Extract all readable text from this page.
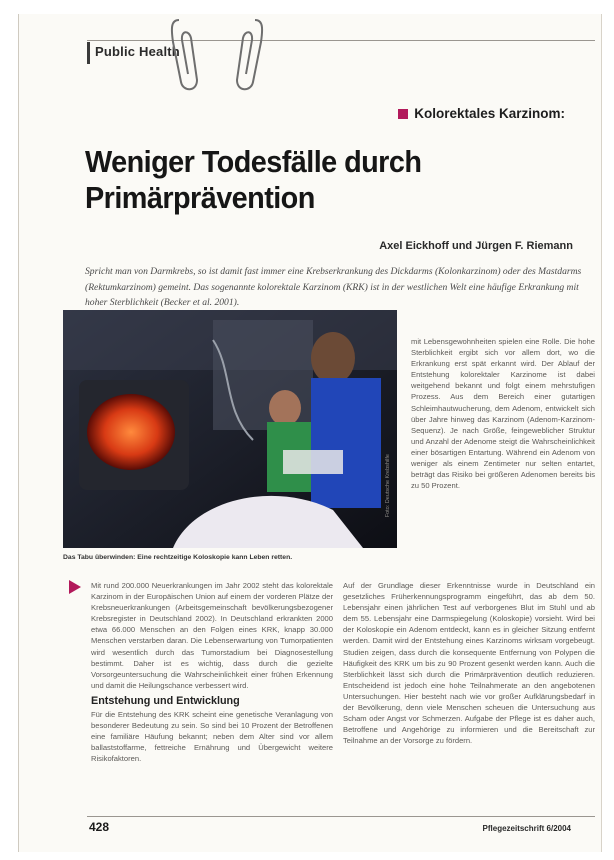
Public Health
Kolorektales Karzinom:
Weniger Todesfälle durch Primärprävention
Axel Eickhoff und Jürgen F. Riemann
Spricht man von Darmkrebs, so ist damit fast immer eine Krebserkrankung des Dickdarms (Kolonkarzinom) oder des Mastdarms (Rektumkarzinom) gemeint. Das sogenannte kolorektale Karzinom (KRK) ist in der westlichen Welt eine häufige Erkrankung mit hoher Sterblichkeit (Becker et al. 2001).
Foto: Deutsche Krebshilfe
Das Tabu überwinden: Eine rechtzeitige Koloskopie kann Leben retten.
mit Lebensgewohnheiten spielen eine Rolle. Die hohe Sterblichkeit ergibt sich vor allem dort, wo die Erkrankung erst spät erkannt wird. Der Ablauf der Entstehung kolorektaler Karzinome ist dabei weitgehend bekannt und folgt einem mehrstufigen Prozess. Aus dem Bereich einer gutartigen Schleimhautwucherung, dem Adenom, entwickelt sich über Jahre hinweg das Karzinom (Adenom-Karzinom-Sequenz). Je nach Größe, feingeweblicher Struktur und Anzahl der Adenome steigt die Wahrscheinlichkeit einer bösartigen Entartung. Während ein Adenom von weniger als einem Zentimeter nur selten entartet, beträgt das Risiko bei größeren Adenomen bereits bis zu 50 Prozent.
Mit rund 200.000 Neuerkrankungen im Jahr 2002 steht das kolorektale Karzinom in der Europäischen Union auf einem der vorderen Plätze der Krebsneuerkrankungen (Arbeitsgemeinschaft bevölkerungsbezogener Krebsregister in Deutschland 2002). In Deutschland erkrankten 2000 etwa 66.000 Menschen an den Folgen eines KRK, knapp 30.000 Menschen verstarben daran. Die Lebenserwartung von Tumorpatienten wird wesentlich durch das Tumorstadium bei Diagnosestellung bestimmt. Daher ist es wichtig, dass durch die gezielte Vorsorgeuntersuchung die Wahrscheinlichkeit einer frühen Erkennung und damit die Heilungschance verbessert wird.
Entstehung und Entwicklung
Für die Entstehung des KRK scheint eine genetische Veranlagung von besonderer Bedeutung zu sein. So sind bei 10 Prozent der Betroffenen eine familiäre Häufung bekannt; neben dem Alter sind vor allem ballaststoffarme, fettreiche Ernährung und Übergewicht weitere Risikofaktoren.
Auf der Grundlage dieser Erkenntnisse wurde in Deutschland ein gesetzliches Früherkennungsprogramm eingeführt, das ab dem 50. Lebensjahr einen jährlichen Test auf verborgenes Blut im Stuhl und ab dem 55. Lebensjahr eine Darmspiegelung (Koloskopie) vorsieht. Wird bei der Koloskopie ein Adenom entdeckt, kann es in gleicher Sitzung entfernt werden. Damit wird der Entstehung eines Karzinoms wirksam vorgebeugt. Studien zeigen, dass durch die konsequente Entfernung von Polypen die Häufigkeit des KRK um bis zu 90 Prozent gesenkt werden kann. Auch die Sterblichkeit lässt sich durch die Primärprävention deutlich reduzieren. Entscheidend ist jedoch eine hohe Teilnahmerate an den angebotenen Untersuchungen. Hier besteht nach wie vor großer Aufklärungsbedarf in der Bevölkerung, denn viele Menschen scheuen die Untersuchung aus Scham oder Angst vor Schmerzen. Aufgabe der Pflege ist es daher auch, Betroffene und Angehörige zu informieren und die Bereitschaft zur Teilnahme an der Vorsorge zu fördern.
428	Pflegezeitschrift 6/2004
